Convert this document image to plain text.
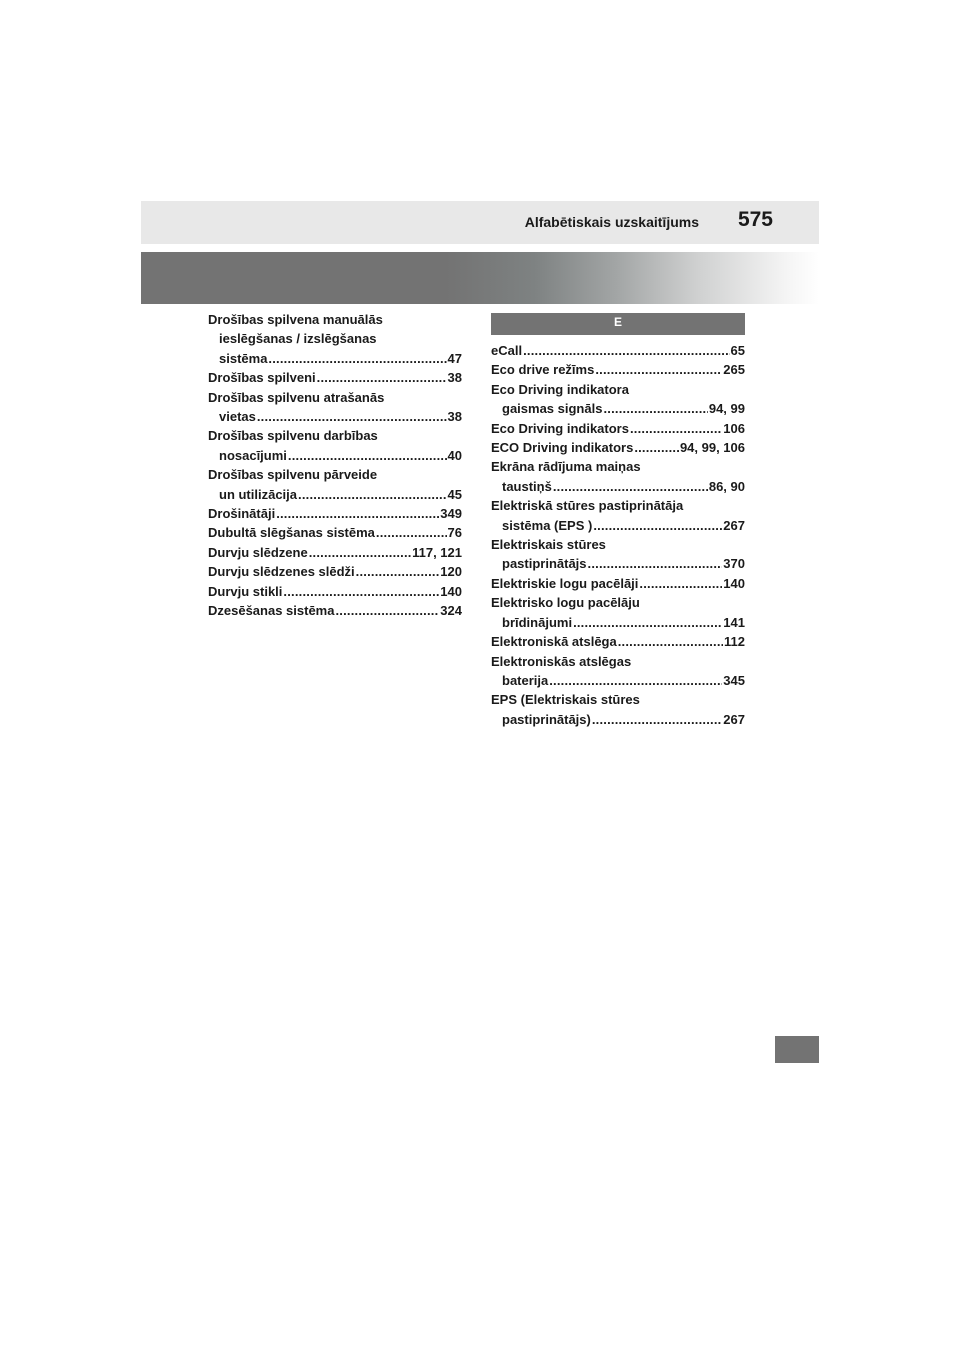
Alfabētiskais uzskaitījums 575
Drošības spilvena manuālās
ieslēgšanas / izslēgšanas
sistēma .....	47
Drošības spilveni .....	38
Drošības spilvenu atrašanās
vietas .....	38
Drošības spilvenu darbības
nosacījumi .....	40
Drošības spilvenu pārveide
un utilizācija .....	45
Drošinātāji .....	349
Dubultā slēgšanas sistēma .....	76
Durvju slēdzene .....	117, 121
Durvju slēdzenes slēdži .....	120
Durvju stikli .....	140
Dzesēšanas sistēma .....	324
E
eCall .....	65
Eco drive režīms .....	265
Eco Driving indikatora
gaismas signāls .....	94, 99
Eco Driving indikators .....	106
ECO Driving indikators .....	94, 99, 106
Ekrāna rādījuma maiņas
taustiņš .....	86, 90
Elektriskā stūres pastiprinātāja
sistēma (EPS ) .....	267
Elektriskais stūres
pastiprinātājs .....	370
Elektriskie logu pacēlāji .....	140
Elektrisko logu pacēlāju
brīdinājumi .....	141
Elektroniskā atslēga .....	112
Elektroniskās atslēgas
baterija .....	345
EPS (Elektriskais stūres
pastiprinātājs) .....	267
